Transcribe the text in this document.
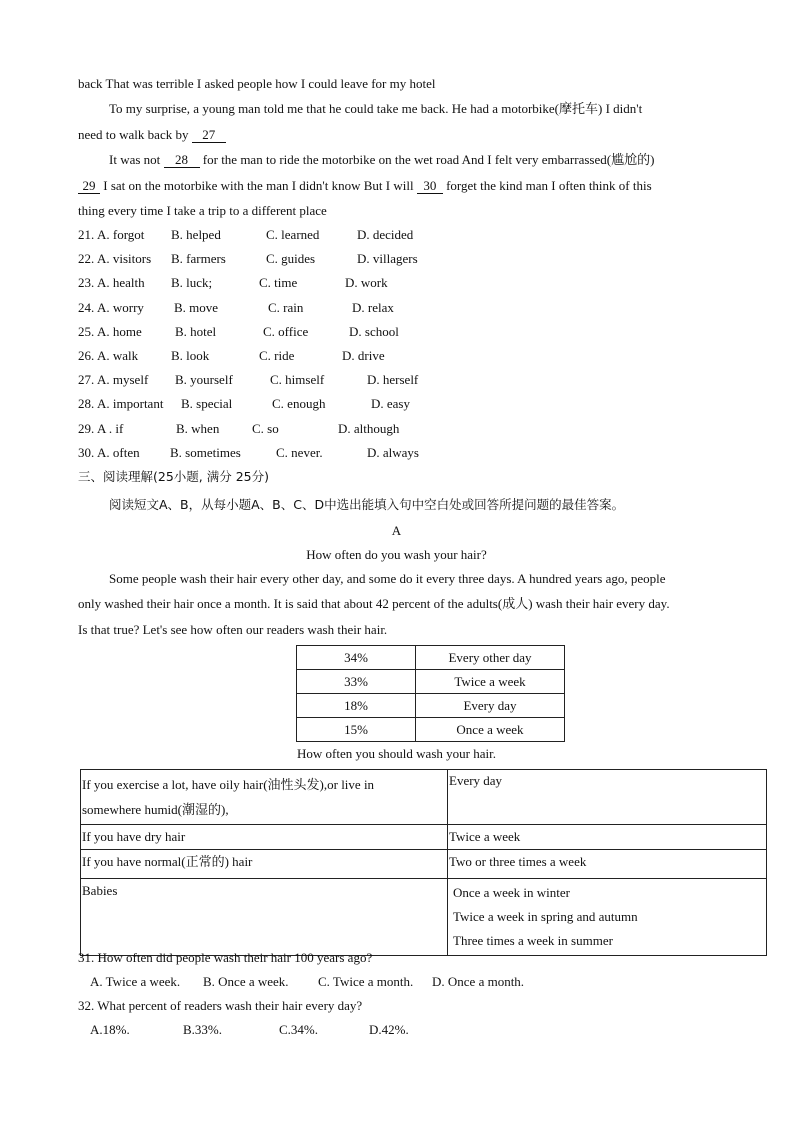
back That was terrible I asked people how I could leave for my hotel
To my surprise, a young man told me that he could take me back. He had a motorbike(摩托车) I didn't
need to walk back by 27
It was not 28 for the man to ride the motorbike on the wet road And I felt very embarrassed(尴尬的)
29 I sat on the motorbike with the man I didn't know But I will 30 forget the kind man I often think of this
thing every time I take a trip to a different place
21. A. forgot B. helped	C. learned	D. decided
22. A. visitors B. farmers	C. guides	D. villagers
23. A. health B. luck;	C. time	D. work
24. A. worry B. move	C. rain	D. relax
25. A. home	B. hotel	C. office	D. school
26. A. walk	B. look	C. ride	D. drive
27. A. myself B. yourself	C. himself	D. herself
28. A. important B. special	C. enough	D. easy
29. A . if	B. when	C. so	D. although
30. A. often B. sometimes	C. never.	D. always
三、阅读理解(25小题, 满分 25分)
阅读短文A、B，从每小题A、B、C、D中选出能填入句中空白处或回答所提问题的最佳答案。
A
How often do you wash your hair?
Some people wash their hair every other day, and some do it every three days. A hundred years ago, people
only washed their hair once a month. It is said that about 42 percent of the adults(成人) wash their hair every day.
Is that true? Let's see how often our readers wash their hair.
34%	Every other day
33%	Twice a week
18%	Every day
15%	Once a week
How often you should wash your hair.
If you exercise a lot, have oily hair(油性头发),or live in
somewhere humid(潮湿的),	Every day
If you have dry hair	Twice a week
If you have normal(正常的) hair	Two or three times a week
Babies	Once a week in winter
Twice a week in spring and autumn
Three times a week in summer
31. How often did people wash their hair 100 years ago?
A. Twice a week. B. Once a week. C. Twice a month. D. Once a month.
32. What percent of readers wash their hair every day?
A.18%.	B.33%.	C.34%.	D.42%.
